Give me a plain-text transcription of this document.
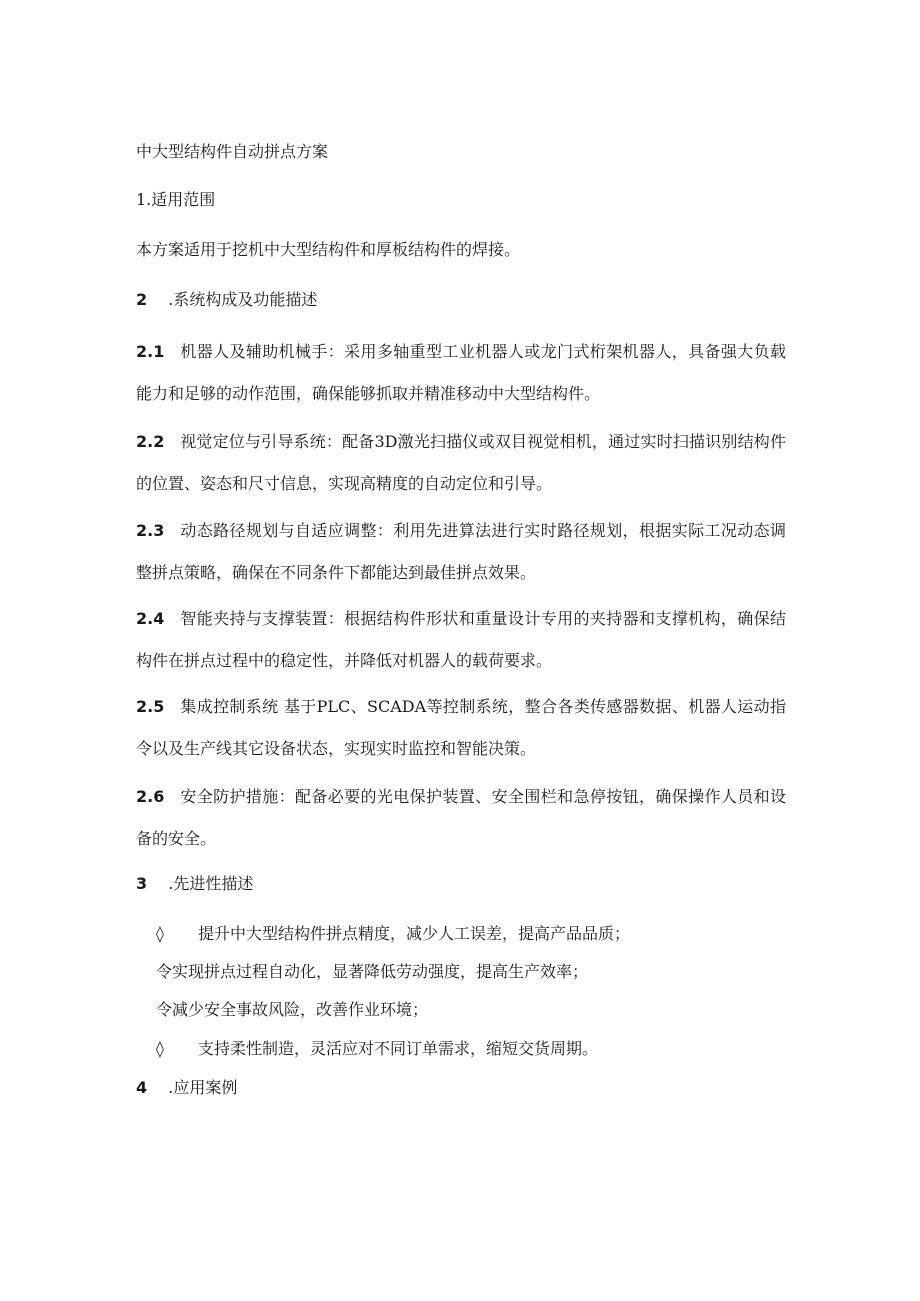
中大型结构件自动拼点方案
1.适用范围
本方案适用于挖机中大型结构件和厚板结构件的焊接。
2 .系统构成及功能描述
2.1 机器人及辅助机械手：采用多轴重型工业机器人或龙门式桁架机器人，具备强大负载能力和足够的动作范围，确保能够抓取并精准移动中大型结构件。
2.2 视觉定位与引导系统：配备3D激光扫描仪或双目视觉相机，通过实时扫描识别结构件的位置、姿态和尺寸信息，实现高精度的自动定位和引导。
2.3 动态路径规划与自适应调整：利用先进算法进行实时路径规划，根据实际工况动态调整拼点策略，确保在不同条件下都能达到最佳拼点效果。
2.4 智能夹持与支撑装置：根据结构件形状和重量设计专用的夹持器和支撑机构，确保结构件在拼点过程中的稳定性，并降低对机器人的载荷要求。
2.5 集成控制系统 基于PLC、SCADA等控制系统，整合各类传感器数据、机器人运动指令以及生产线其它设备状态，实现实时监控和智能决策。
2.6 安全防护措施：配备必要的光电保护装置、安全围栏和急停按钮，确保操作人员和设备的安全。
3 .先进性描述
◊ 提升中大型结构件拼点精度，减少人工误差，提高产品品质；
令实现拼点过程自动化，显著降低劳动强度，提高生产效率；
令减少安全事故风险，改善作业环境；
◊ 支持柔性制造，灵活应对不同订单需求，缩短交货周期。
4 .应用案例
